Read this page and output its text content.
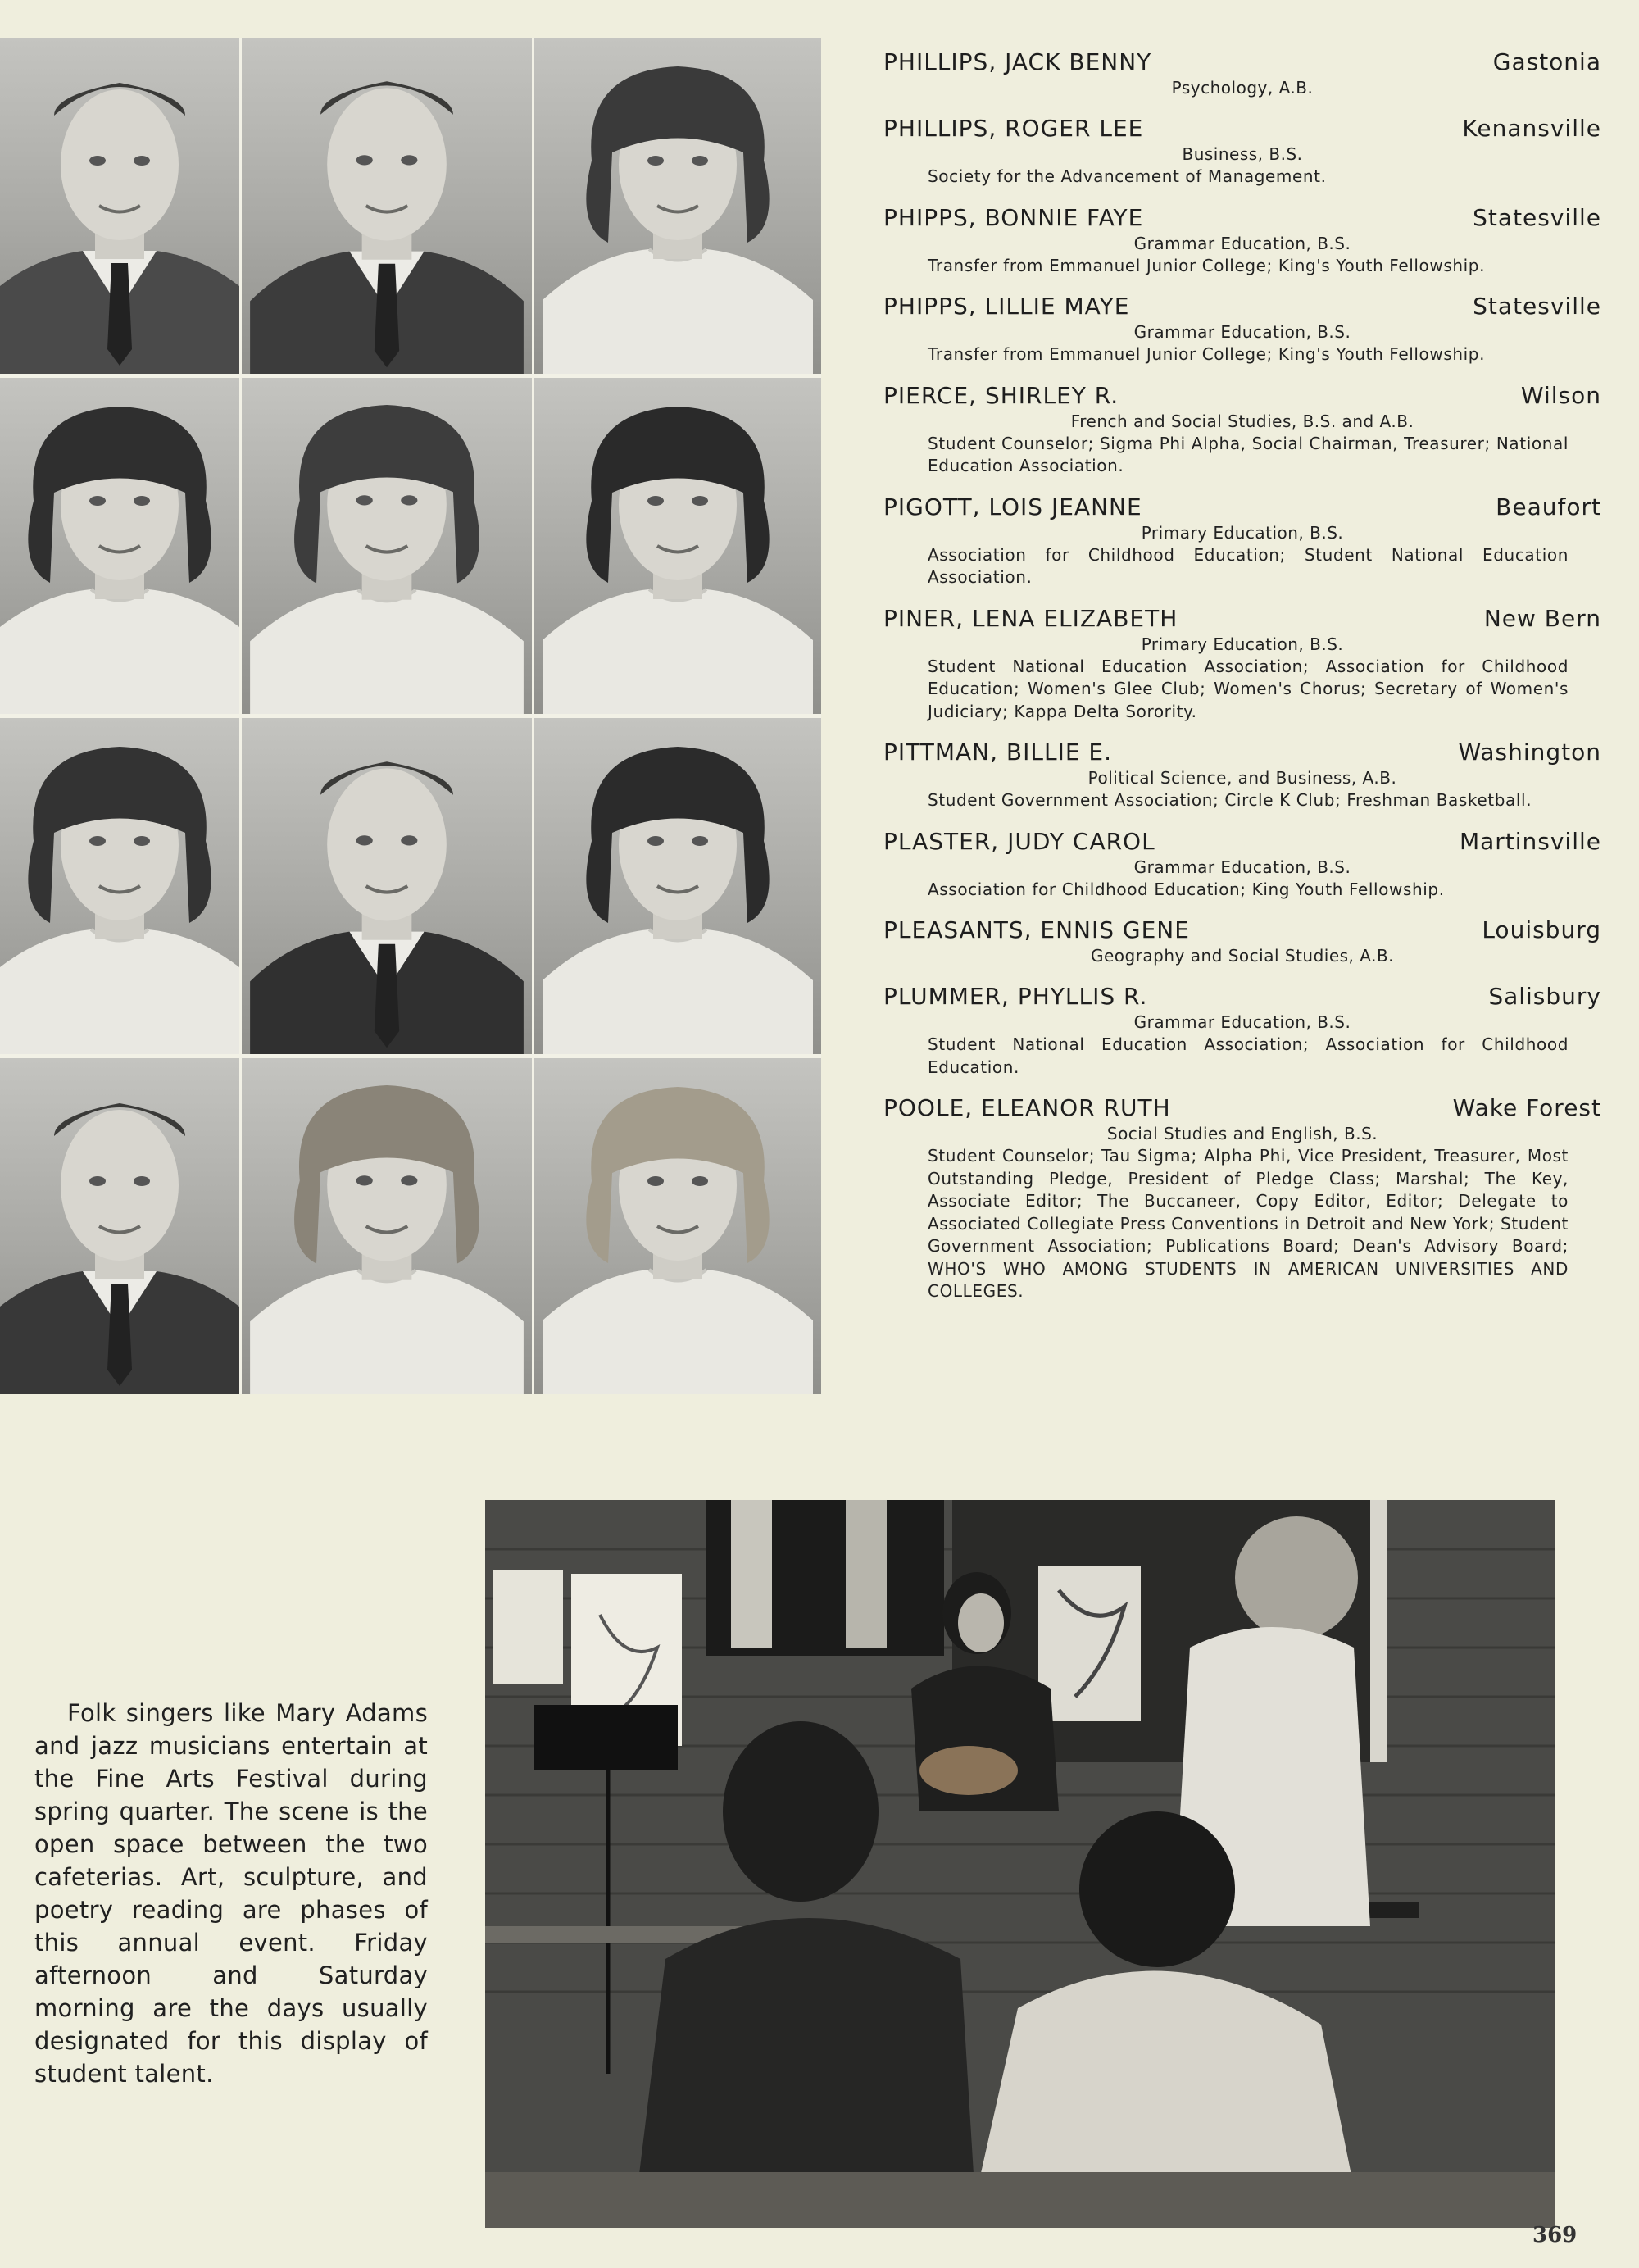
PHILLIPS, JACK BENNY	Gastonia
Psychology, A.B.
PHILLIPS, ROGER LEE	Kenansville
Business, B.S.
Society for the Advancement of Management.
PHIPPS, BONNIE FAYE	Statesville
Grammar Education, B.S.
Transfer from Emmanuel Junior College; King's Youth Fellowship.
PHIPPS, LILLIE MAYE	Statesville
Grammar Education, B.S.
Transfer from Emmanuel Junior College; King's Youth Fellowship.
PIERCE, SHIRLEY R.	Wilson
French and Social Studies, B.S. and A.B.
Student Counselor; Sigma Phi Alpha, Social Chairman, Treasurer; National Education Association.
PIGOTT, LOIS JEANNE	Beaufort
Primary Education, B.S.
Association for Childhood Education; Student National Education Association.
PINER, LENA ELIZABETH	New Bern
Primary Education, B.S.
Student National Education Association; Association for Childhood Education; Women's Glee Club; Women's Chorus; Secretary of Women's Judiciary; Kappa Delta Sorority.
PITTMAN, BILLIE E.	Washington
Political Science, and Business, A.B.
Student Government Association; Circle K Club; Freshman Basketball.
PLASTER, JUDY CAROL	Martinsville
Grammar Education, B.S.
Association for Childhood Education; King Youth Fellowship.
PLEASANTS, ENNIS GENE	Louisburg
Geography and Social Studies, A.B.
PLUMMER, PHYLLIS R.	Salisbury
Grammar Education, B.S.
Student National Education Association; Association for Childhood Education.
POOLE, ELEANOR RUTH	Wake Forest
Social Studies and English, B.S.
Student Counselor; Tau Sigma; Alpha Phi, Vice President, Treasurer, Most Outstanding Pledge, President of Pledge Class; Marshal; The Key, Associate Editor; The Buccaneer, Copy Editor, Editor; Delegate to Associated Collegiate Press Conventions in Detroit and New York; Student Government Association; Publications Board; Dean's Advisory Board; WHO'S WHO AMONG STUDENTS IN AMERICAN UNIVERSITIES AND COLLEGES.
Folk singers like Mary Adams and jazz musicians entertain at the Fine Arts Festival during spring quarter. The scene is the open space between the two cafeterias. Art, sculpture, and poetry reading are phases of this annual event. Friday afternoon and Saturday morning are the days usually designated for this display of student talent.
369
